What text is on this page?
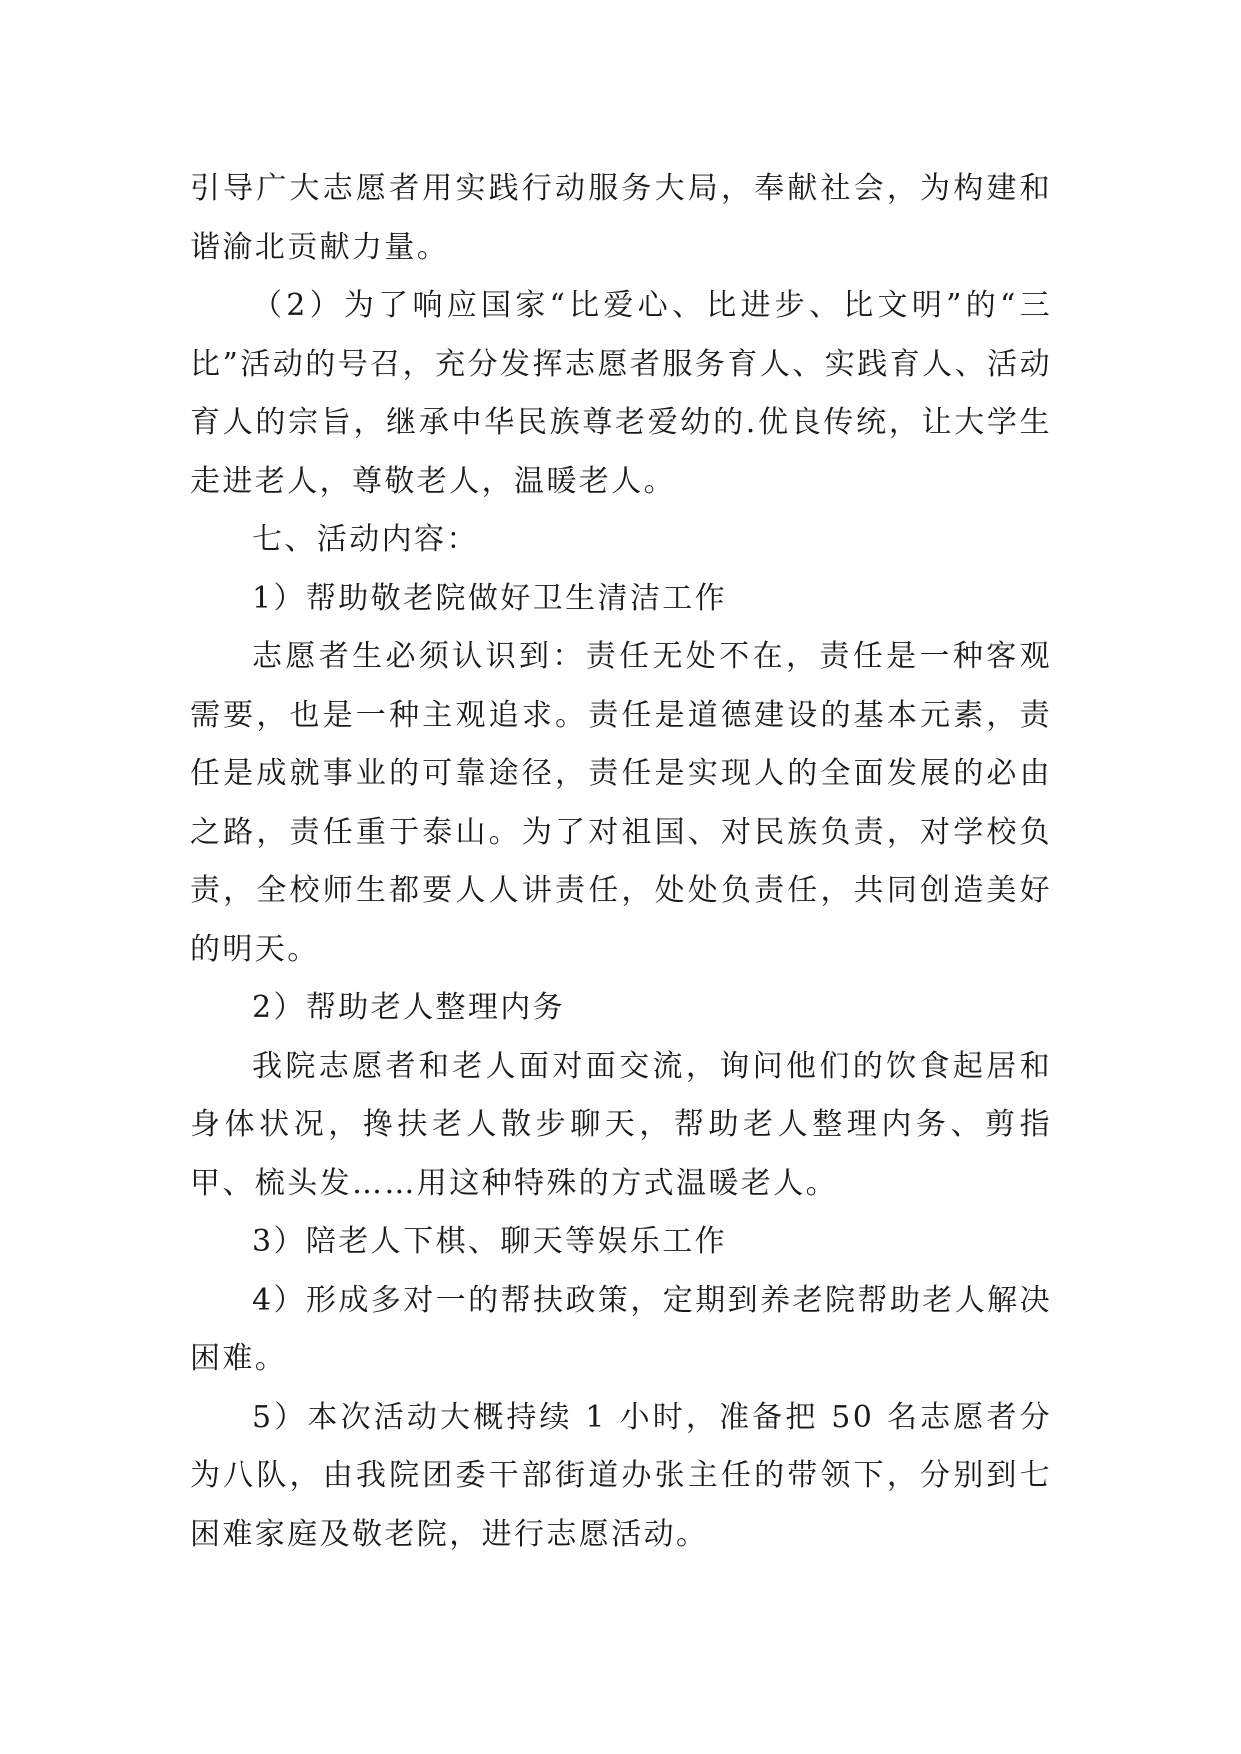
引导广大志愿者用实践行动服务大局，奉献社会，为构建和谐渝北贡献力量。

（2）为了响应国家“比爱心、比进步、比文明”的“三比”活动的号召，充分发挥志愿者服务育人、实践育人、活动育人的宗旨，继承中华民族尊老爱幼的.优良传统，让大学生走进老人，尊敬老人，温暖老人。

七、活动内容：

1）帮助敬老院做好卫生清洁工作

志愿者生必须认识到：责任无处不在，责任是一种客观需要，也是一种主观追求。责任是道德建设的基本元素，责任是成就事业的可靠途径，责任是实现人的全面发展的必由之路，责任重于泰山。为了对祖国、对民族负责，对学校负责，全校师生都要人人讲责任，处处负责任，共同创造美好的明天。

2）帮助老人整理内务

我院志愿者和老人面对面交流，询问他们的饮食起居和身体状况，搀扶老人散步聊天，帮助老人整理内务、剪指甲、梳头发……用这种特殊的方式温暖老人。

3）陪老人下棋、聊天等娱乐工作

4）形成多对一的帮扶政策，定期到养老院帮助老人解决困难。

5）本次活动大概持续 1 小时，准备把 50 名志愿者分为八队，由我院团委干部街道办张主任的带领下，分别到七困难家庭及敬老院，进行志愿活动。
